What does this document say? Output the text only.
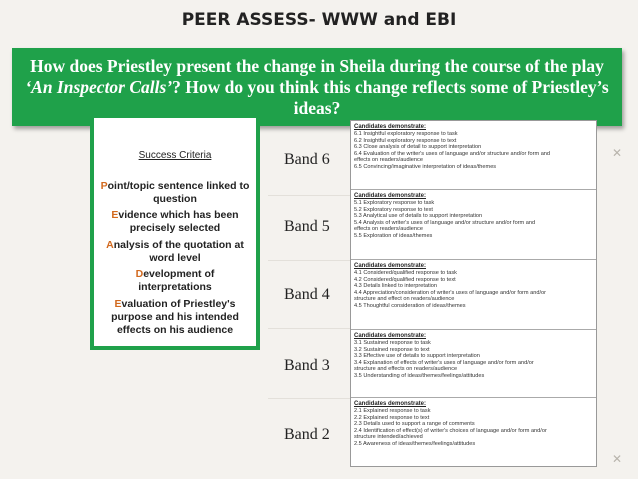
PEER ASSESS- WWW and EBI
How does Priestley present the change in Sheila during the course of the play ‘An Inspector Calls’? How do you think this change reflects some of Priestley’s ideas?
Success Criteria
Point/topic sentence linked to question
Evidence which has been precisely selected
Analysis of the quotation at word level
Development of interpretations
Evaluation of Priestley's purpose and his intended effects on his audience
Band 6
Band 5
Band 4
Band 3
Band 2
Candidates demonstrate:
6.1 Insightful exploratory response to task
6.2 Insightful exploratory response to text
6.3 Close analysis of detail to support interpretation
6.4 Evaluation of the writer's uses of language and/or structure and/or form and
effects on readers/audience
6.5 Convincing/imaginative interpretation of ideas/themes
Candidates demonstrate:
5.1 Exploratory response to task
5.2 Exploratory response to text
5.3 Analytical use of details to support interpretation
5.4 Analysis of writer's uses of language and/or structure and/or form and
effects on readers/audience
5.5 Exploration of ideas/themes
Candidates demonstrate:
4.1 Considered/qualified response to task
4.2 Considered/qualified response to text
4.3 Details linked to interpretation
4.4 Appreciation/consideration of writer's uses of language and/or form and/or
structure and effect on readers/audience
4.5 Thoughtful consideration of ideas/themes
Candidates demonstrate:
3.1 Sustained response to task
3.2 Sustained response to text
3.3 Effective use of details to support interpretation
3.4 Explanation of effects of writer's uses of language and/or form and/or
structure and effects on readers/audience
3.5 Understanding of ideas/themes/feelings/attitudes
Candidates demonstrate:
2.1 Explained response to task
2.2 Explained response to text
2.3 Details used to support a range of comments
2.4 Identification of effect(s) of writer's choices of language and/or form and/or
structure intended/achieved
2.5 Awareness of ideas/themes/feelings/attitudes
✕
✕
